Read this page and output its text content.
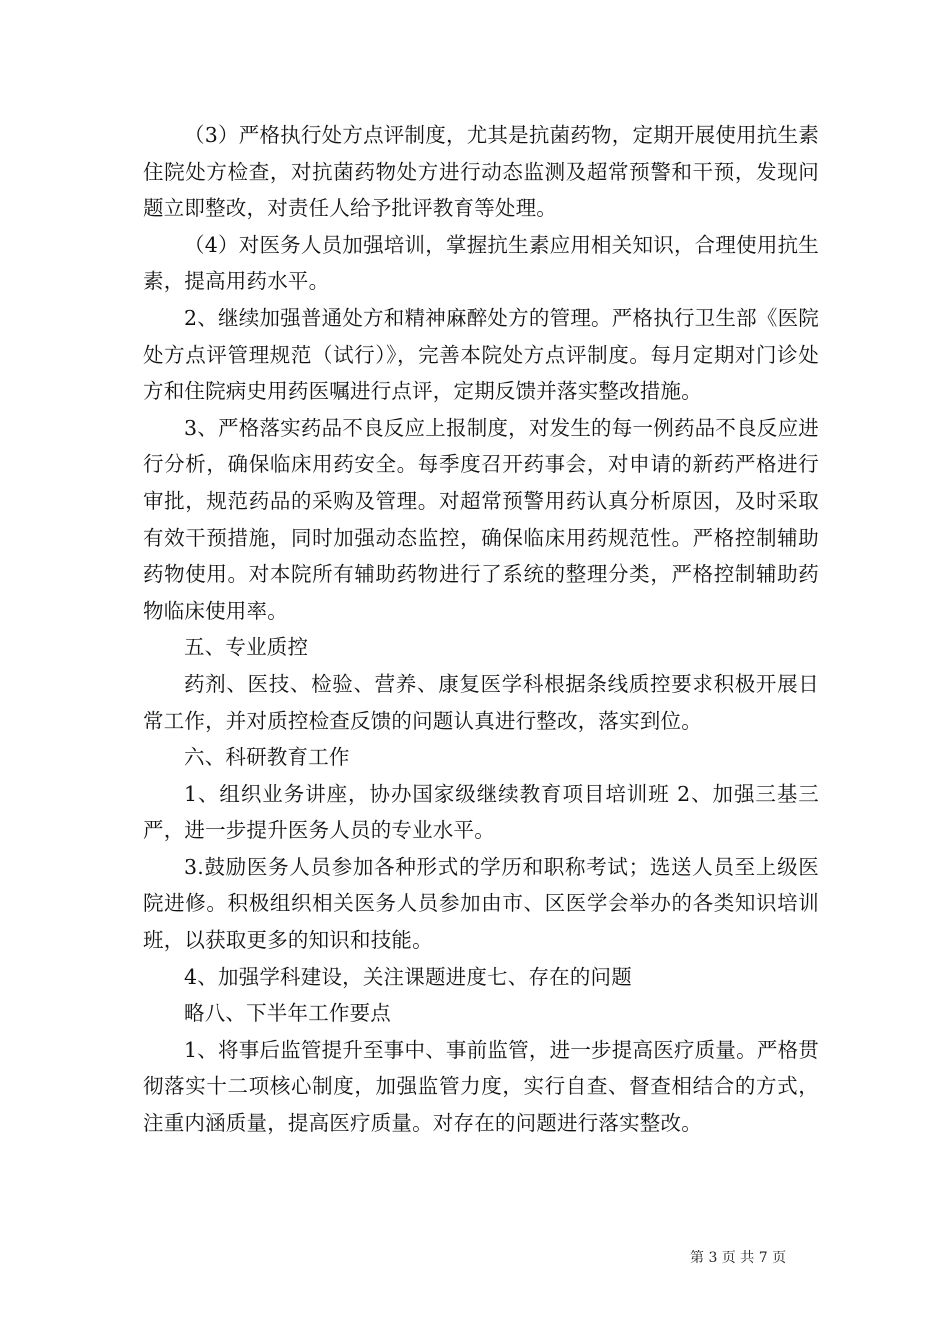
（3）严格执行处方点评制度，尤其是抗菌药物，定期开展使用抗生素住院处方检查，对抗菌药物处方进行动态监测及超常预警和干预，发现问题立即整改，对责任人给予批评教育等处理。

（4）对医务人员加强培训，掌握抗生素应用相关知识，合理使用抗生素，提高用药水平。

2、继续加强普通处方和精神麻醉处方的管理。严格执行卫生部《医院处方点评管理规范（试行）》，完善本院处方点评制度。每月定期对门诊处方和住院病史用药医嘱进行点评，定期反馈并落实整改措施。

3、严格落实药品不良反应上报制度，对发生的每一例药品不良反应进行分析，确保临床用药安全。每季度召开药事会，对申请的新药严格进行审批，规范药品的采购及管理。对超常预警用药认真分析原因，及时采取有效干预措施，同时加强动态监控，确保临床用药规范性。严格控制辅助药物使用。对本院所有辅助药物进行了系统的整理分类，严格控制辅助药物临床使用率。

五、专业质控

药剂、医技、检验、营养、康复医学科根据条线质控要求积极开展日常工作，并对质控检查反馈的问题认真进行整改，落实到位。

六、科研教育工作

1、组织业务讲座，协办国家级继续教育项目培训班 2、加强三基三严，进一步提升医务人员的专业水平。

3.鼓励医务人员参加各种形式的学历和职称考试；选送人员至上级医院进修。积极组织相关医务人员参加由市、区医学会举办的各类知识培训班，以获取更多的知识和技能。

4、加强学科建设，关注课题进度七、存在的问题

略八、下半年工作要点

1、将事后监管提升至事中、事前监管，进一步提高医疗质量。严格贯彻落实十二项核心制度，加强监管力度，实行自查、督查相结合的方式，注重内涵质量，提高医疗质量。对存在的问题进行落实整改。

第 3 页 共 7 页
